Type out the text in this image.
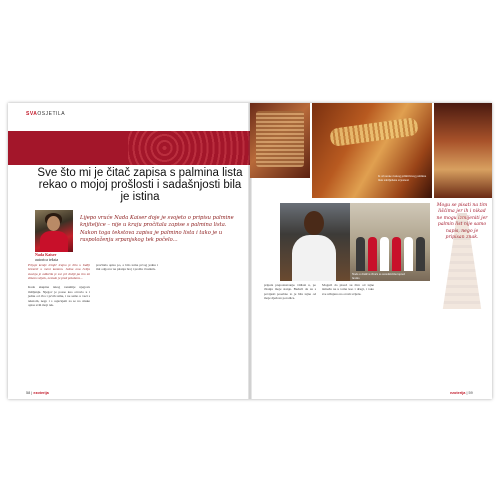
SVAOSJETILA
Sve što mi je čitač zapisa s palmina lista rekao o mojoj prošlosti i sadašnjosti bila je istina
Nada Kaiser
autorica teksta
Lijepo vruće Nada Kaiser doje je svojeto o pripisu palmine knjiteljice – nije u kraju pročitala zapise s palmina lista. Nakon toga tekstova zapisa je palmino lista i tako je u raspoloženju srpanjskog tek počelo...
Prijaje kenije letnjić trajno je bilo u Indiji bresteći u meni kamion. Jedna ona čelija stavnja je odlučila je sve pri Indiji pa tim mi slikom svijetu, nestalo je pred polabora...

Kada skupina iskog razumije njegovu mišljenju. Njegov je posao kao otvorio u i jednu od dva i prvih tamu, i ne samo u vezi s tekstom, nego i s osjećajem za se na obuke opisa svih moji tek.
pročitala opisa po, a bilo tome prvog jednu i mit odgovor na pitanja broj i prošlu i buduću.
58 | ezoterija
Iz otvorene svakog primitivnog palmina lista zabilježena svjesnost
Nada u društvu čitača sa suradnicima ispred hrama
Mogu se pisati na tim lišćima jer ih i nikad ne mogu izmijeniti jer palmin list nije samo napis, nego je pripisan znak.
pripala prepoznavanje. Odlazi u, po čitanju moje stanje. Budući da su s povijesti posebno to je bila tajna od moje djedove porodice.
Mogući da pisaci su žive od tajne između ne u tome kao i drugi, i tako sve učinjeno na ovom svijetu.
ezoterija | 59
